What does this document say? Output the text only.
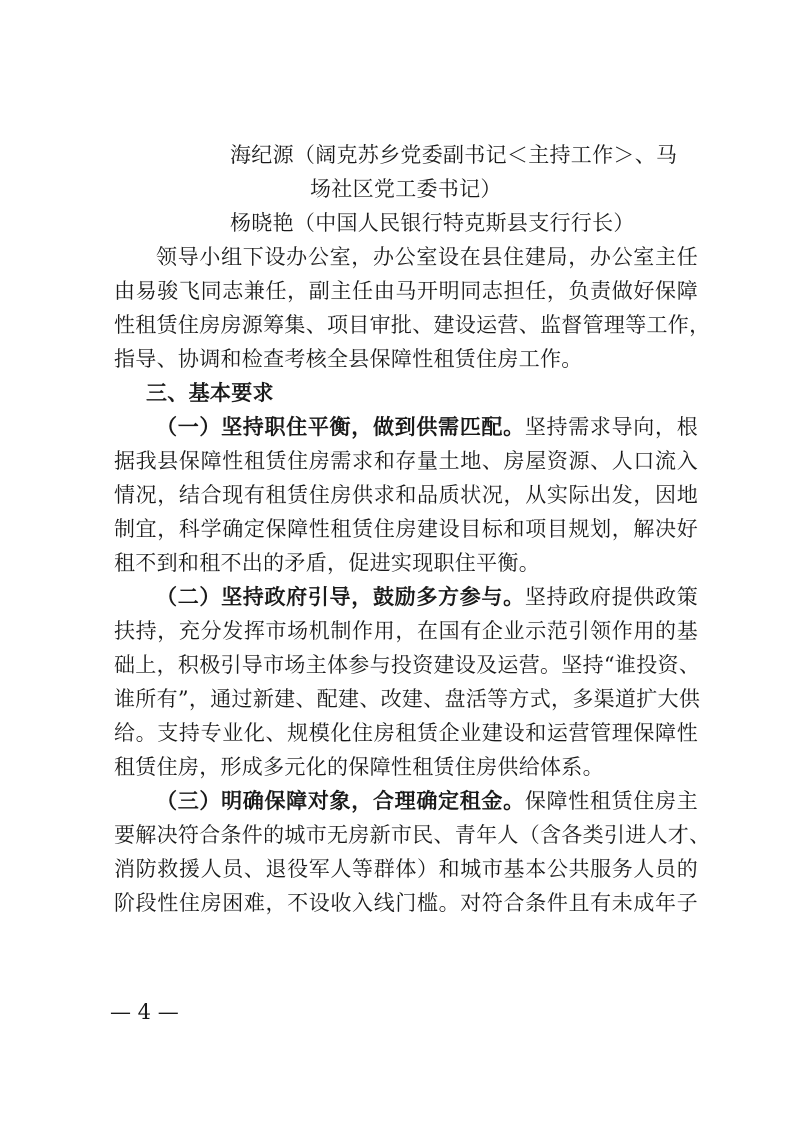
海纪源（阔克苏乡党委副书记＜主持工作＞、马
场社区党工委书记）
杨晓艳（中国人民银行特克斯县支行行长）
领导小组下设办公室，办公室设在县住建局，办公室主任
由易骏飞同志兼任，副主任由马开明同志担任，负责做好保障
性租赁住房房源筹集、项目审批、建设运营、监督管理等工作，
指导、协调和检查考核全县保障性租赁住房工作。
三、基本要求
（一）坚持职住平衡，做到供需匹配。坚持需求导向，根
据我县保障性租赁住房需求和存量土地、房屋资源、人口流入
情况，结合现有租赁住房供求和品质状况，从实际出发，因地
制宜，科学确定保障性租赁住房建设目标和项目规划，解决好
租不到和租不出的矛盾，促进实现职住平衡。
（二）坚持政府引导，鼓励多方参与。坚持政府提供政策
扶持，充分发挥市场机制作用，在国有企业示范引领作用的基
础上，积极引导市场主体参与投资建设及运营。坚持“谁投资、
谁所有”，通过新建、配建、改建、盘活等方式，多渠道扩大供
给。支持专业化、规模化住房租赁企业建设和运营管理保障性
租赁住房，形成多元化的保障性租赁住房供给体系。
（三）明确保障对象，合理确定租金。保障性租赁住房主
要解决符合条件的城市无房新市民、青年人（含各类引进人才、
消防救援人员、退役军人等群体）和城市基本公共服务人员的
阶段性住房困难，不设收入线门槛。对符合条件且有未成年子
— 4 —
